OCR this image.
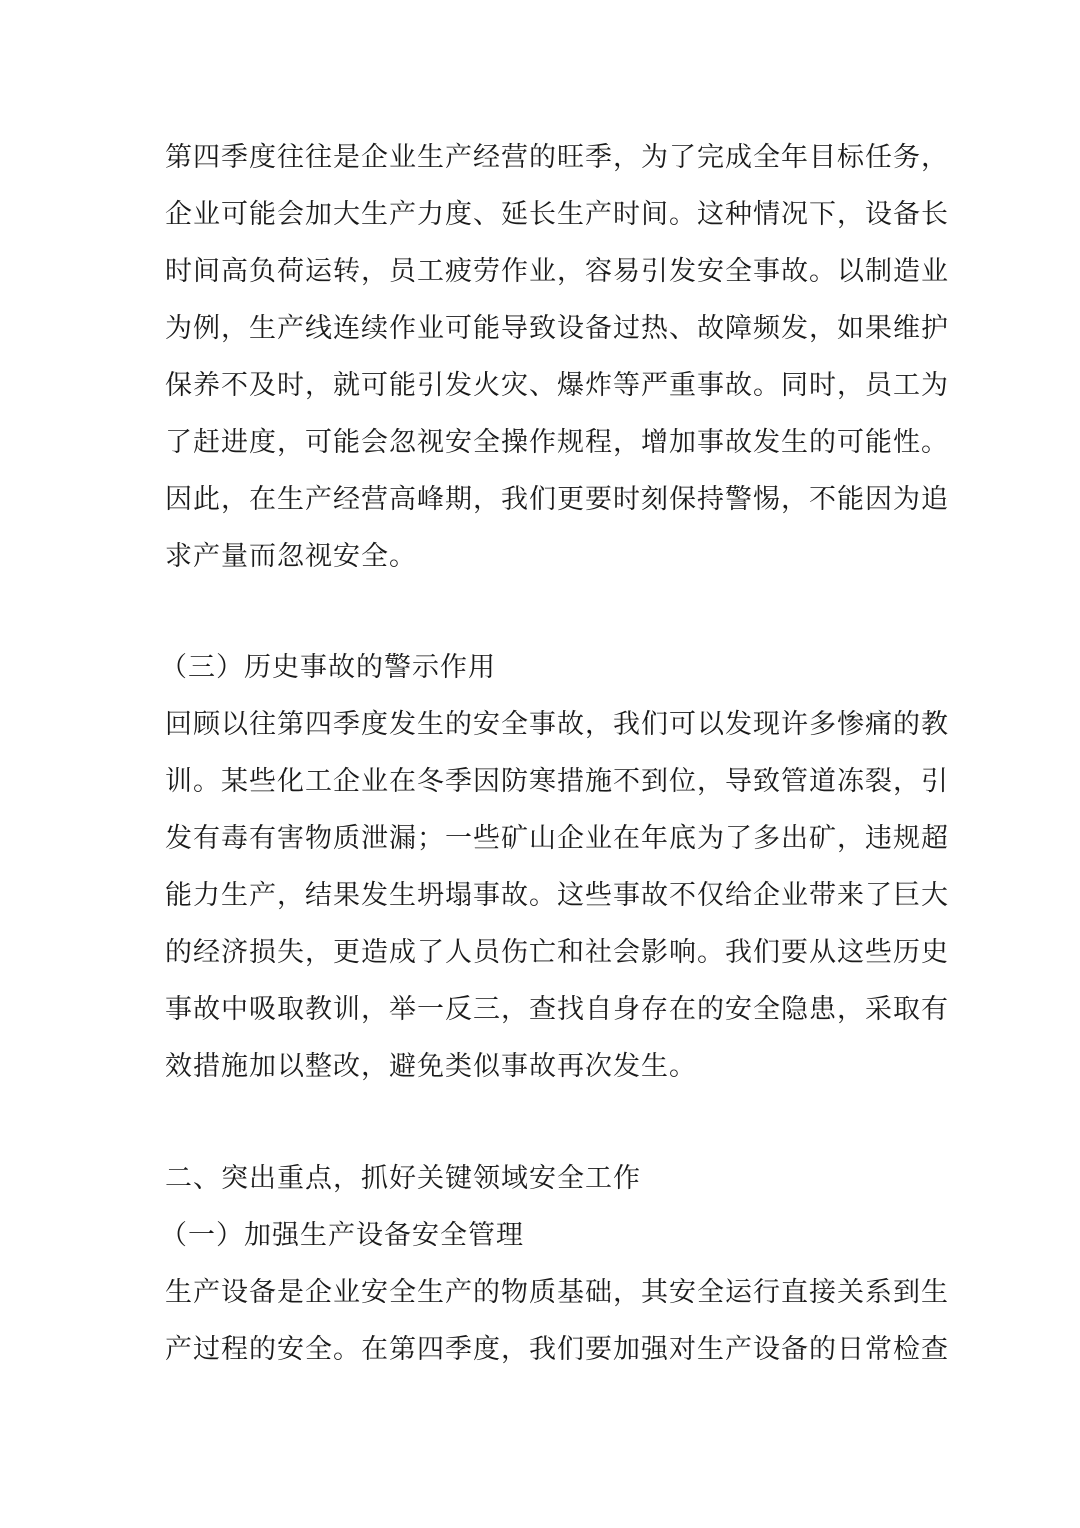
第四季度往往是企业生产经营的旺季，为了完成全年目标任务，
企业可能会加大生产力度、延长生产时间。这种情况下，设备长
时间高负荷运转，员工疲劳作业，容易引发安全事故。以制造业
为例，生产线连续作业可能导致设备过热、故障频发，如果维护
保养不及时，就可能引发火灾、爆炸等严重事故。同时，员工为
了赶进度，可能会忽视安全操作规程，增加事故发生的可能性。
因此，在生产经营高峰期，我们更要时刻保持警惕，不能因为追
求产量而忽视安全。
（三）历史事故的警示作用
回顾以往第四季度发生的安全事故，我们可以发现许多惨痛的教
训。某些化工企业在冬季因防寒措施不到位，导致管道冻裂，引
发有毒有害物质泄漏；一些矿山企业在年底为了多出矿，违规超
能力生产，结果发生坍塌事故。这些事故不仅给企业带来了巨大
的经济损失，更造成了人员伤亡和社会影响。我们要从这些历史
事故中吸取教训，举一反三，查找自身存在的安全隐患，采取有
效措施加以整改，避免类似事故再次发生。
二、突出重点，抓好关键领域安全工作
（一）加强生产设备安全管理
生产设备是企业安全生产的物质基础，其安全运行直接关系到生
产过程的安全。在第四季度，我们要加强对生产设备的日常检查
